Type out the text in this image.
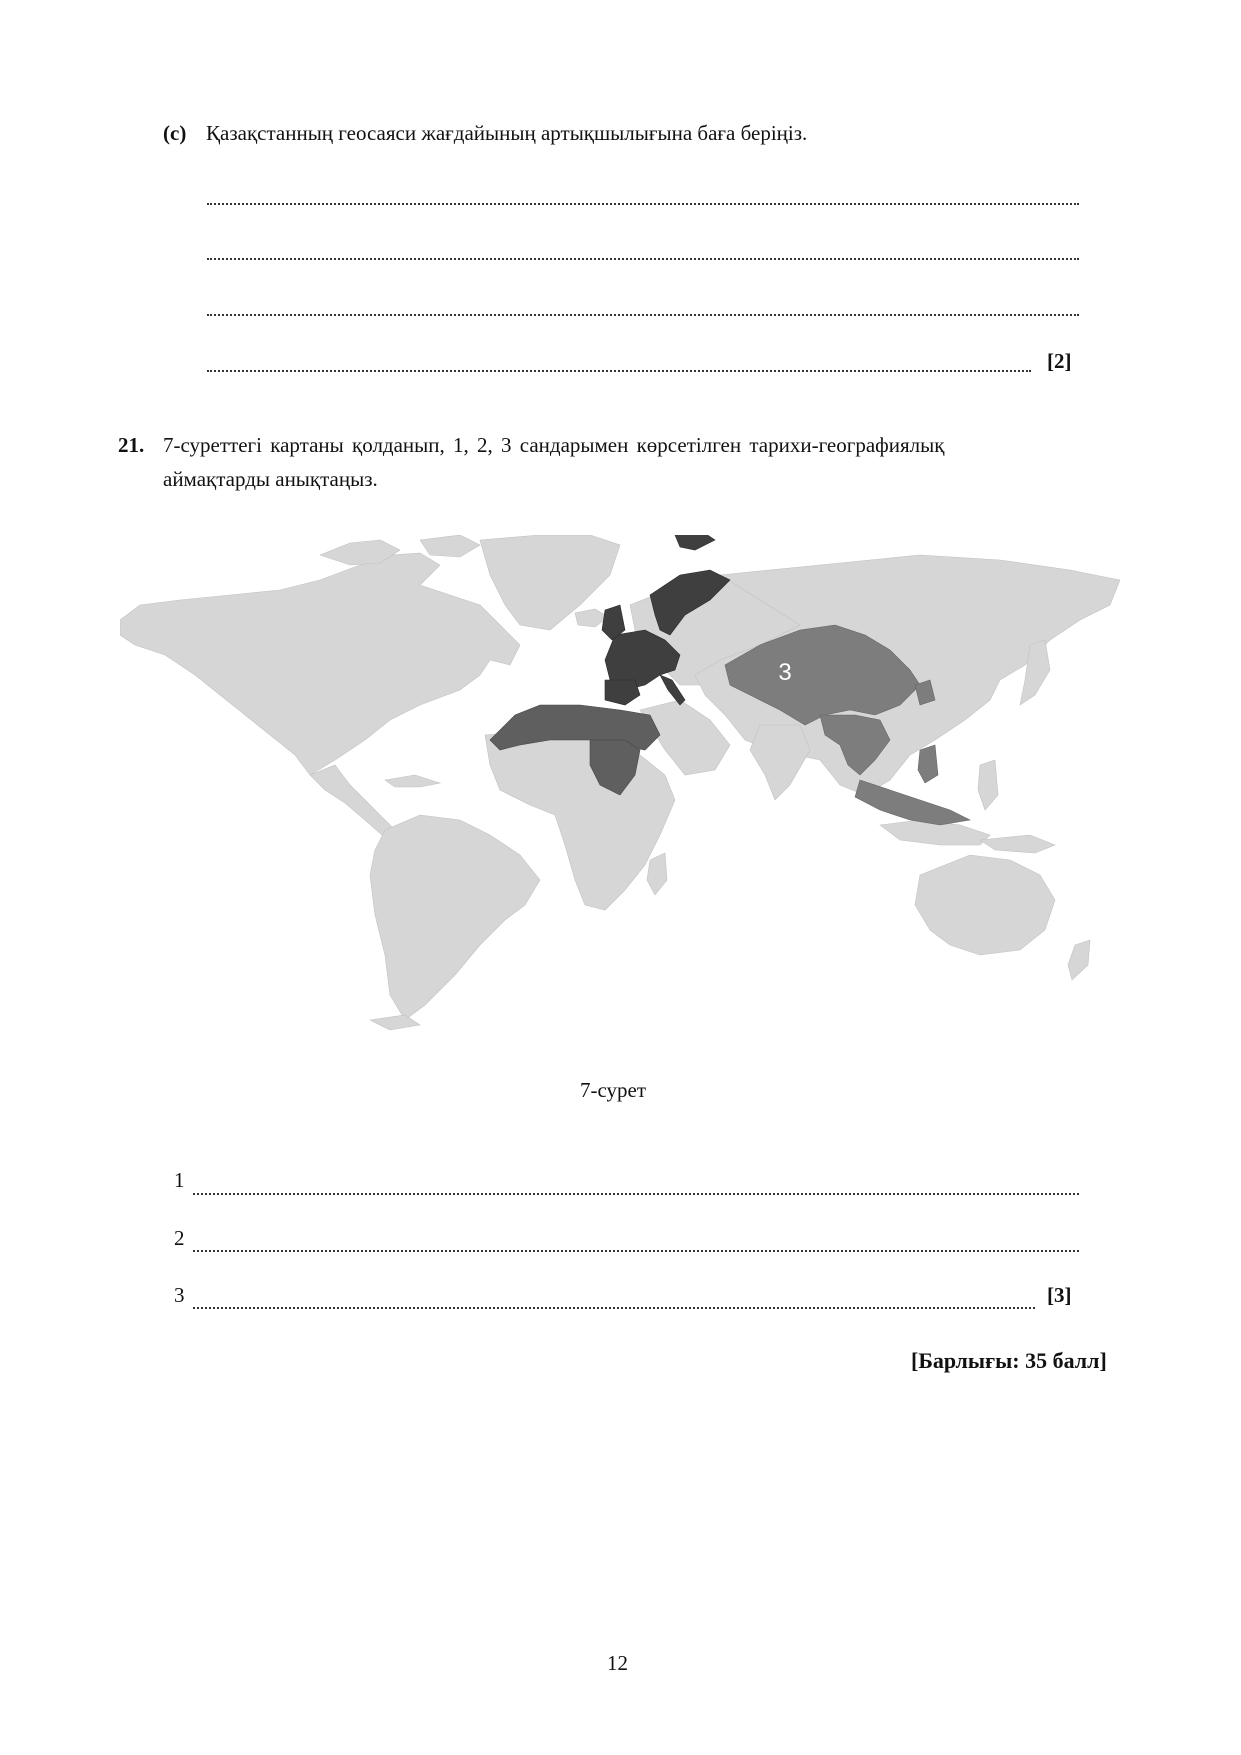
(c) Қазақстанның геосаяси жағдайының артықшылығына баға беріңіз.
[2]
21. 7-суреттегі картаны қолданып, 1, 2, 3 сандарымен көрсетілген тарихи-географиялық
аймақтарды анықтаңыз.
1
2
3
7-сурет
1
2
3	[3]
[Барлығы: 35 балл]
12
